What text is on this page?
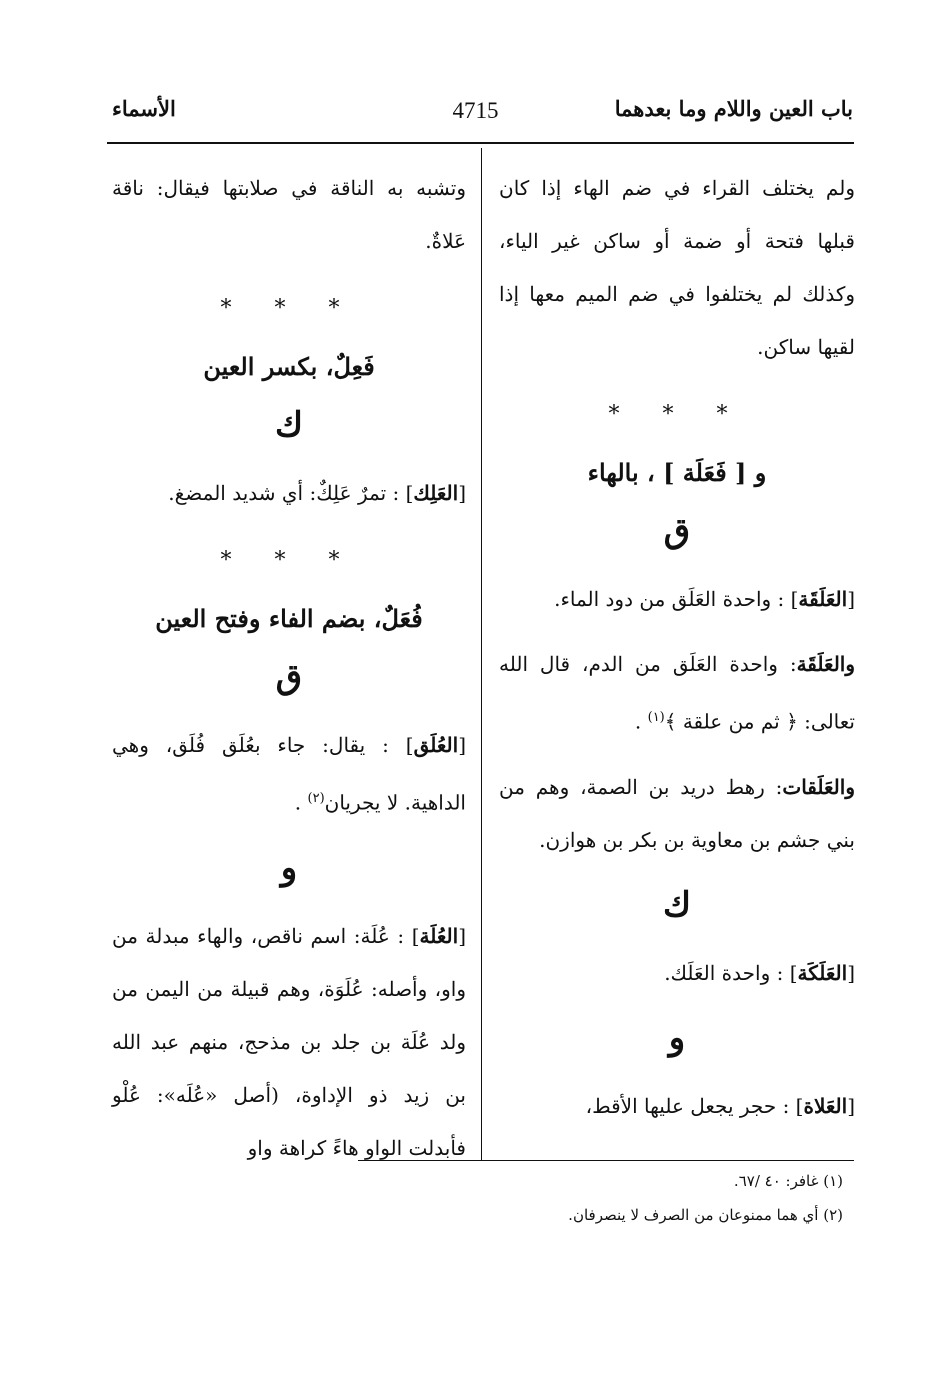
باب العين واللام وما بعدهما
4715
الأسماء

ولم يختلف القراء في ضم الهاء إذا كان قبلها فتحة أو ضمة أو ساكن غير الياء، وكذلك لم يختلفوا في ضم الميم معها إذا لقيها ساكن.

* * *
و [ فَعَلَة ] ، بالهاء
ق

[العَلَقَة] : واحدة العَلَق من دود الماء.

والعَلَقَة: واحدة العَلَق من الدم، قال الله تعالى: ﴿ ثم من علقة ﴾$^{(١)}$ .

والعَلَقات: رهط دريد بن الصمة، وهم من بني جشم بن معاوية بن بكر بن هوازن.

ك

[العَلَكَة] : واحدة العَلَك.

و

[العَلاة] : حجر يجعل عليها الأقط،

وتشبه به الناقة في صلابتها فيقال: ناقة عَلاةٌ.

* * *
فَعِلٌ، بكسر العين
ك

[العَلِك] : تمرٌ عَلِكٌ: أي شديد المضغ.

* * *
فُعَلٌ، بضم الفاء وفتح العين
ق

[العُلَق] : يقال: جاء بعُلَق فُلَق، وهي الداهية. لا يجريان$^{(٢)}$ .

و

[العُلَة] : عُلَة: اسم ناقص، والهاء مبدلة من واو، وأصله: عُلَوَة، وهم قبيلة من اليمن من ولد عُلَة بن جلد بن مذحج، منهم عبد الله بن زيد ذو الإداوة، (أصل «عُلَه»: عُلْو فأبدلت الواو هاءً كراهة واو

(١) غافر: ٤٠ /٦٧.
(٢) أي هما ممنوعان من الصرف لا ينصرفان.
